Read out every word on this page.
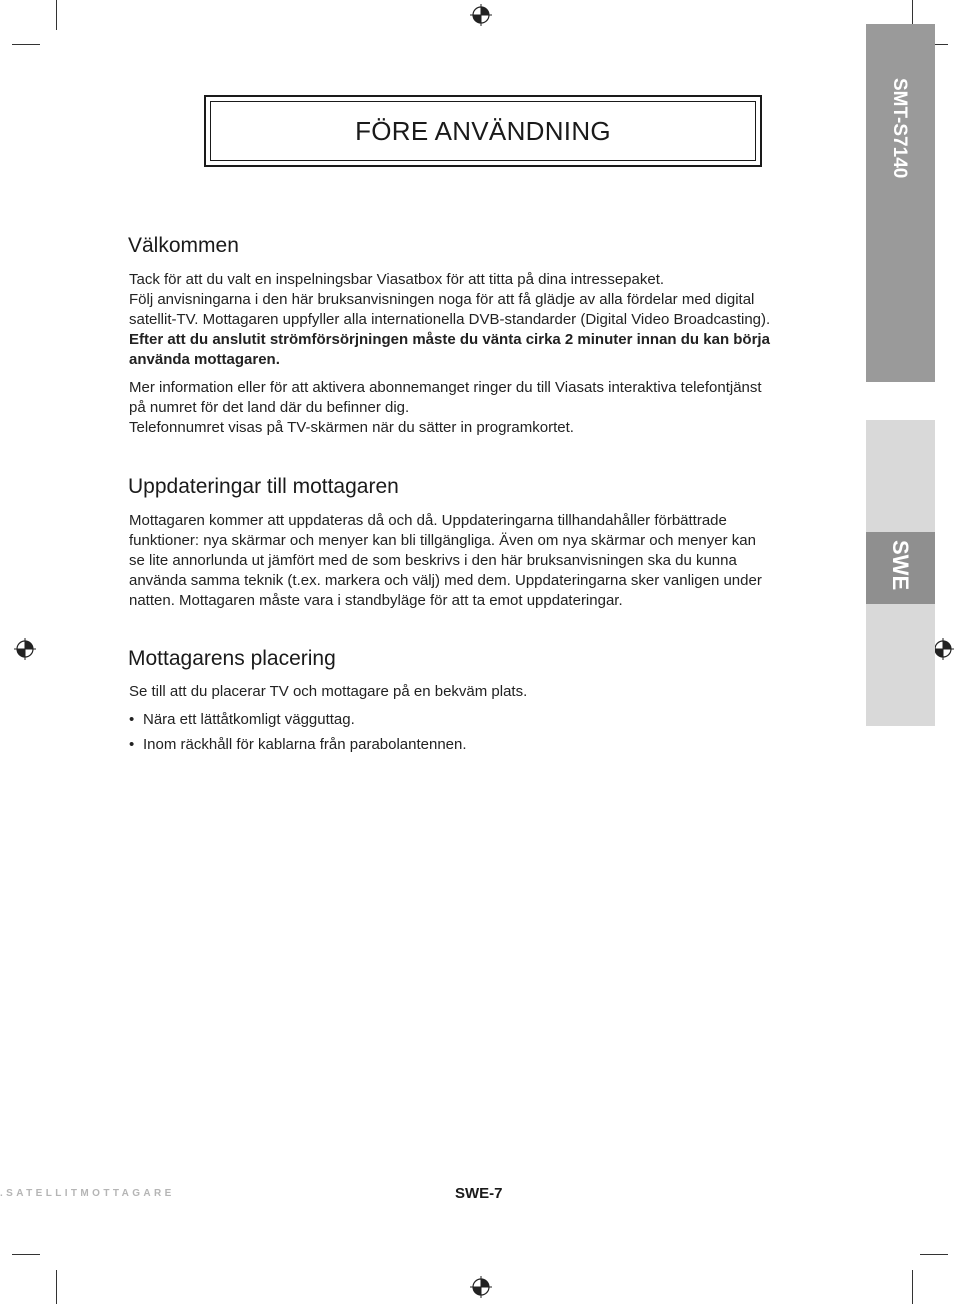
SMT-S7140
SWE
FÖRE ANVÄNDNING
Välkommen

Tack för att du valt en inspelningsbar Viasatbox för att titta på dina intressepaket.

Följ anvisningarna i den här bruksanvisningen noga för att få glädje av alla fördelar med digital

satellit-TV. Mottagaren uppfyller alla internationella DVB-standarder (Digital Video Broadcasting).

Efter att du anslutit strömförsörjningen måste du vänta cirka 2 minuter innan du kan börja

använda mottagaren.

Mer information eller för att aktivera abonnemanget ringer du till Viasats interaktiva telefontjänst

på numret för det land där du befinner dig.

Telefonnumret visas på TV-skärmen när du sätter in programkortet.

Uppdateringar till mottagaren

Mottagaren kommer att uppdateras då och då. Uppdateringarna tillhandahåller förbättrade

funktioner: nya skärmar och menyer kan bli tillgängliga. Även om nya skärmar och menyer kan

se lite annorlunda ut jämfört med de som beskrivs i den här bruksanvisningen ska du kunna

använda samma teknik (t.ex. markera och välj) med dem. Uppdateringarna sker vanligen under

natten. Mottagaren måste vara i standbyläge för att ta emot uppdateringar.

Mottagarens placering

Se till att du placerar TV och mottagare på en bekväm plats.

• Nära ett lättåtkomligt vägguttag.
• Inom räckhåll för kablarna från parabolantennen.
.SATELLITMOTTAGARE	SWE-7
